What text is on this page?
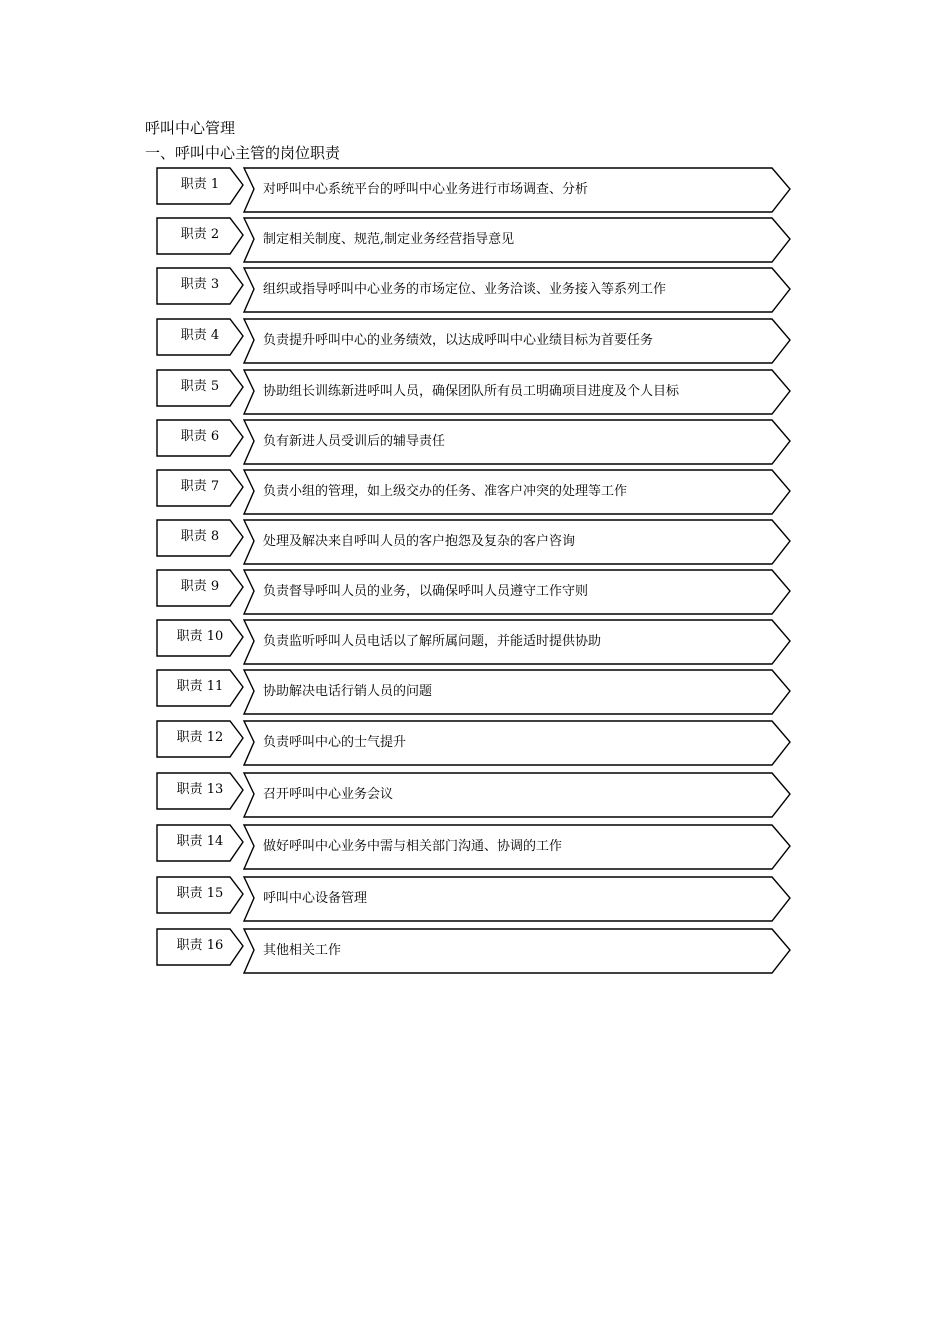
呼叫中心管理
一、呼叫中心主管的岗位职责
职责 1	对呼叫中心系统平台的呼叫中心业务进行市场调查、分析
职责 2	制定相关制度、规范,制定业务经营指导意见
职责 3	组织或指导呼叫中心业务的市场定位、业务洽谈、业务接入等系列工作
职责 4	负责提升呼叫中心的业务绩效，以达成呼叫中心业绩目标为首要任务
职责 5	协助组长训练新进呼叫人员，确保团队所有员工明确项目进度及个人目标
职责 6	负有新进人员受训后的辅导责任
职责 7	负责小组的管理，如上级交办的任务、准客户冲突的处理等工作
职责 8	处理及解决来自呼叫人员的客户抱怨及复杂的客户咨询
职责 9	负责督导呼叫人员的业务，以确保呼叫人员遵守工作守则
职责 10	负责监听呼叫人员电话以了解所属问题，并能适时提供协助
职责 11	协助解决电话行销人员的问题
职责 12	负责呼叫中心的士气提升
职责 13	召开呼叫中心业务会议
职责 14	做好呼叫中心业务中需与相关部门沟通、协调的工作
职责 15	呼叫中心设备管理
职责 16	其他相关工作
